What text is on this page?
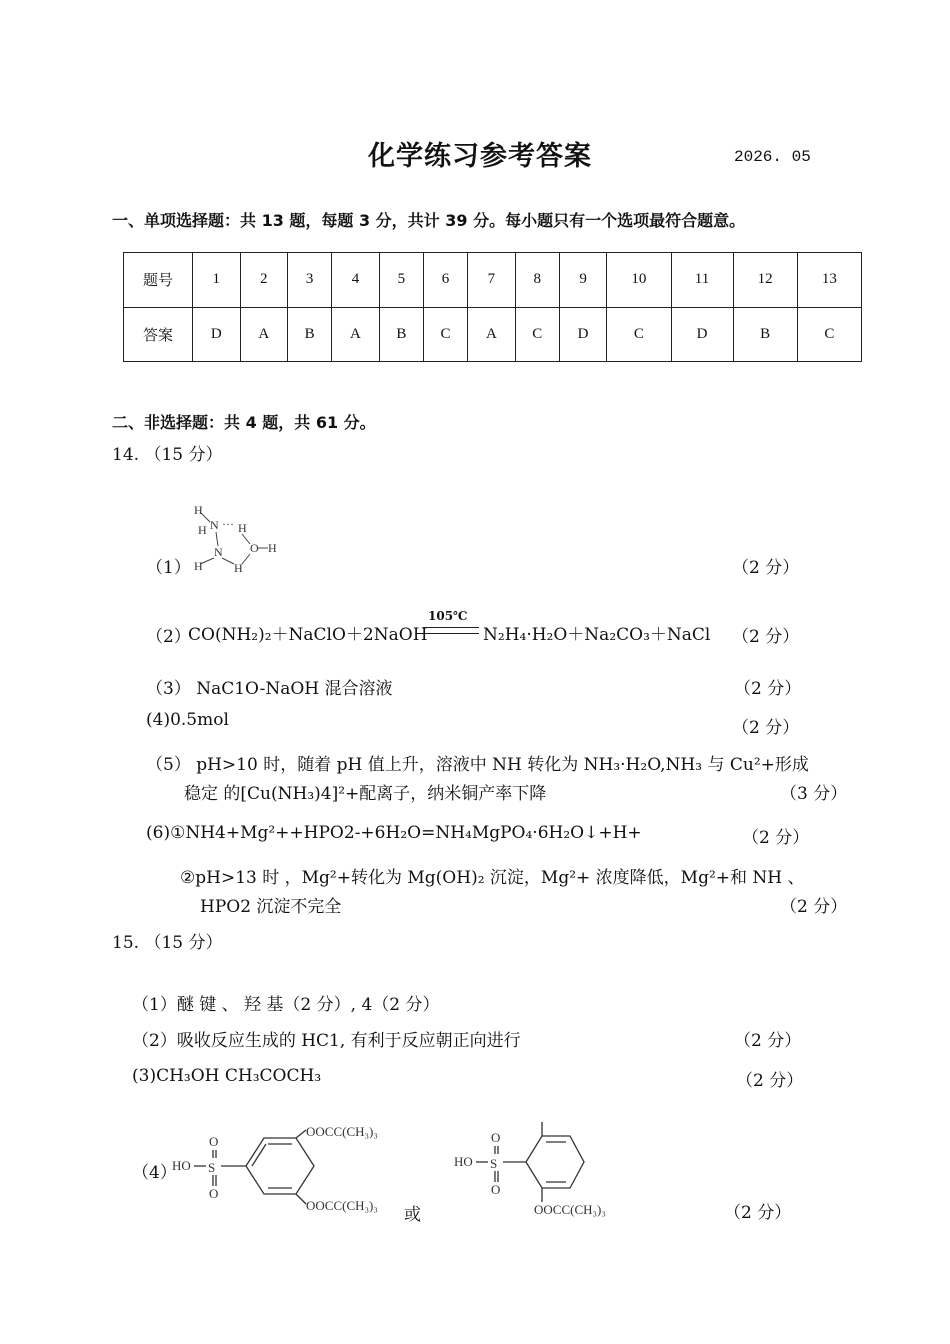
化学练习参考答案	2026. 05
一、单项选择题：共 13 题，每题 3 分，共计 39 分。每小题只有一个选项最符合题意。
题号	1	2	3	4	5	6	7	8	9	10	11	12	13
答案	D	A	B	A	B	C	A	C	D	C	D	B	C
二、非选择题：共 4 题，共 61 分。
14. （15 分）
（1）
H
H N ··· H
O H
N
H	H	（2 分）
（2）
CO(NH₂)₂＋NaClO＋2NaOH
105℃
N₂H₄·H₂O＋Na₂CO₃＋NaCl （2 分）
（3） NaC1O-NaOH 混合溶液	（2 分）
(4)0.5mol	（2 分）
（5） pH>10 时，随着 pH 值上升，溶液中 NH 转化为 NH₃·H₂O,NH₃ 与 Cu²+形成
稳定 的[Cu(NH₃)4]²+配离子，纳米铜产率下降	（3 分）
(6)①NH4+Mg²++HPO2-+6H₂O=NH₄MgPO₄·6H₂O↓+H+	（2 分）
②pH>13 时 ，Mg²+转化为 Mg(OH)₂ 沉淀，Mg²+ 浓度降低，Mg²+和 NH 、
HPO2 沉淀不完全	（2 分）
15. （15 分）
（1）醚 键 、 羟 基（2 分）, 4（2 分）
（2）吸收反应生成的 HC1, 有利于反应朝正向进行	（2 分）
(3)CH₃OH CH₃COCH₃	（2 分）
（4）
HO S
O
O
OOCC(CH₃)₃
OOCC(CH₃)₃ 或
HO S
O
O
OOCC(CH₃)₃	（2 分）
